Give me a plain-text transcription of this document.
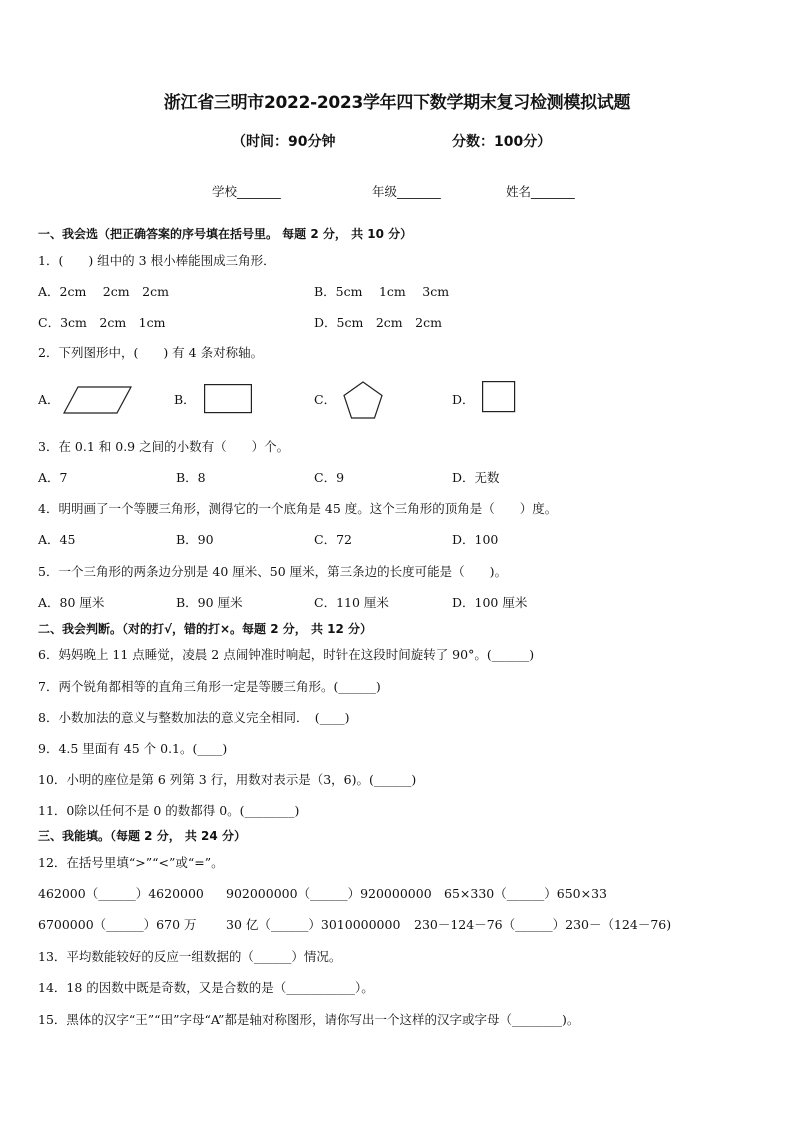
浙江省三明市2022-2023学年四下数学期末复习检测模拟试题
（时间：90分钟	分数：100分）
学校_______	年级_______	姓名_______
一、我会选（把正确答案的序号填在括号里。 每题 2 分， 共 10 分）
1．(　　) 组中的 3 根小棒能围成三角形．
A．2cm　 2cm　2cm	B．5cm　 1cm　 3cm
C．3cm　2cm　1cm	D．5cm　2cm　2cm
2．下列图形中，(　　) 有 4 条对称轴。
A．	B．	C．	D．
3．在 0.1 和 0.9 之间的小数有（　　）个。
A．7	B．8	C．9	D．无数
4．明明画了一个等腰三角形，测得它的一个底角是 45 度。这个三角形的顶角是（　　）度。
A．45	B．90	C．72	D．100
5．一个三角形的两条边分别是 40 厘米、50 厘米，第三条边的长度可能是（　　)。
A．80 厘米	B．90 厘米	C．110 厘米	D．100 厘米
二、我会判断。（对的打√，错的打×。每题 2 分， 共 12 分）
6．妈妈晚上 11 点睡觉，凌晨 2 点闹钟准时响起，时针在这段时间旋转了 90°。(______)
7．两个锐角都相等的直角三角形一定是等腰三角形。(______)
8．小数加法的意义与整数加法的意义完全相同．　(____)
9．4.5 里面有 45 个 0.1。(____)
10．小明的座位是第 6 列第 3 行，用数对表示是（3，6)。(______)
11．0除以任何不是 0 的数都得 0。(________)
三、我能填。（每题 2 分， 共 24 分）
12．在括号里填“>”“<”或“=”。
462000（______）4620000 902000000（______）920000000 65×330（______）650×33
6700000（______）670 万 30 亿（______）3010000000 230－124－76（______）230－（124－76)
13．平均数能较好的反应一组数据的（______）情况。
14．18 的因数中既是奇数，又是合数的是（___________）。
15．黑体的汉字“王”“田”字母“A”都是轴对称图形，请你写出一个这样的汉字或字母（________)。
